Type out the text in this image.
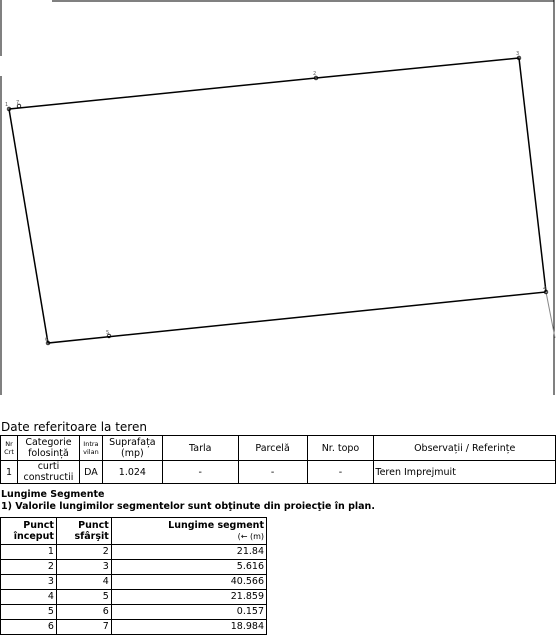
1
2
3
4
5
6
7
Date referitoare la teren
Nr Crt	Categorie folosință	Intra vilan	Suprafața (mp)	Tarla	Parcelă	Nr. topo	Observații / Referințe
1	curti constructii	DA	1.024	-	-	-	Teren Imprejmuit
Lungime Segmente
1) Valorile lungimilor segmentelor sunt obţinute din proiecţie în plan.
Punct început	Punct sfârşit	Lungime segment
(← (m)
1	2	21.84
2	3	5.616
3	4	40.566
4	5	21.859
5	6	0.157
6	7	18.984
